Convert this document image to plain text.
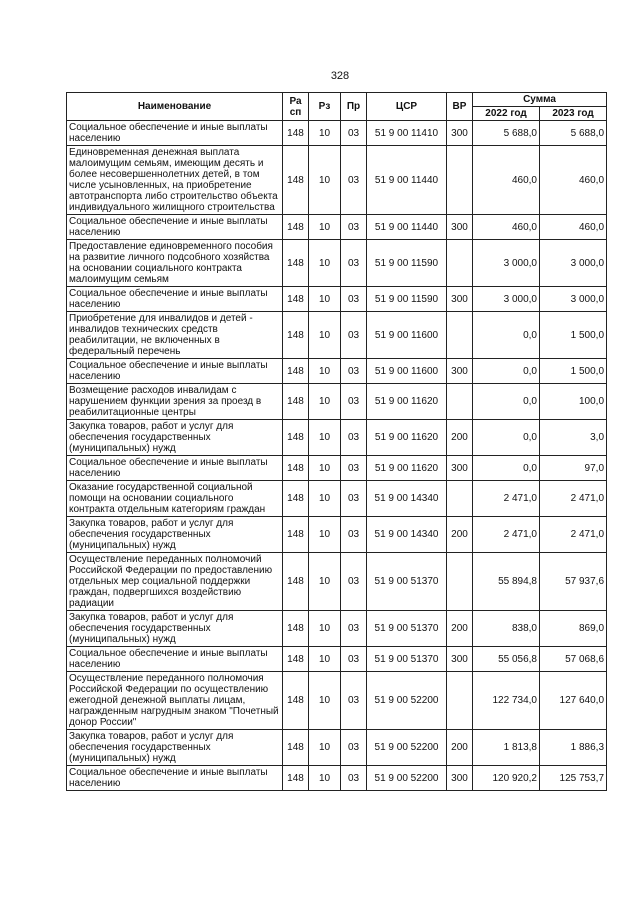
328
Наименование	Ра сп	Рз	Пр	ЦСР	ВР	Сумма	
						2022 год	2023 год
Социальное обеспечение и иные выплаты населению	148	10	03	51 9 00 11410	300	5 688,0	5 688,0
Единовременная денежная выплата малоимущим семьям, имеющим десять и более несовершеннолетних детей, в том числе усыновленных, на приобретение автотранспорта либо строительство объекта индивидуального жилищного строительства	148	10	03	51 9 00 11440		460,0	460,0
Социальное обеспечение и иные выплаты населению	148	10	03	51 9 00 11440	300	460,0	460,0
Предоставление единовременного пособия на развитие личного подсобного хозяйства на основании социального контракта малоимущим семьям	148	10	03	51 9 00 11590		3 000,0	3 000,0
Социальное обеспечение и иные выплаты населению	148	10	03	51 9 00 11590	300	3 000,0	3 000,0
Приобретение для инвалидов и детей - инвалидов технических средств реабилитации, не включенных в федеральный перечень	148	10	03	51 9 00 11600		0,0	1 500,0
Социальное обеспечение и иные выплаты населению	148	10	03	51 9 00 11600	300	0,0	1 500,0
Возмещение расходов инвалидам с нарушением функции зрения за проезд в реабилитационные центры	148	10	03	51 9 00 11620		0,0	100,0
Закупка товаров, работ и услуг для обеспечения государственных (муниципальных) нужд	148	10	03	51 9 00 11620	200	0,0	3,0
Социальное обеспечение и иные выплаты населению	148	10	03	51 9 00 11620	300	0,0	97,0
Оказание государственной социальной помощи на основании социального контракта отдельным категориям граждан	148	10	03	51 9 00 14340		2 471,0	2 471,0
Закупка товаров, работ и услуг для обеспечения государственных (муниципальных) нужд	148	10	03	51 9 00 14340	200	2 471,0	2 471,0
Осуществление переданных полномочий Российской Федерации по предоставлению отдельных мер социальной поддержки граждан, подвергшихся воздействию радиации	148	10	03	51 9 00 51370		55 894,8	57 937,6
Закупка товаров, работ и услуг для обеспечения государственных (муниципальных) нужд	148	10	03	51 9 00 51370	200	838,0	869,0
Социальное обеспечение и иные выплаты населению	148	10	03	51 9 00 51370	300	55 056,8	57 068,6
Осуществление переданного полномочия Российской Федерации по осуществлению ежегодной денежной выплаты лицам, награжденным нагрудным знаком "Почетный донор России"	148	10	03	51 9 00 52200		122 734,0	127 640,0
Закупка товаров, работ и услуг для обеспечения государственных (муниципальных) нужд	148	10	03	51 9 00 52200	200	1 813,8	1 886,3
Социальное обеспечение и иные выплаты населению	148	10	03	51 9 00 52200	300	120 920,2	125 753,7
